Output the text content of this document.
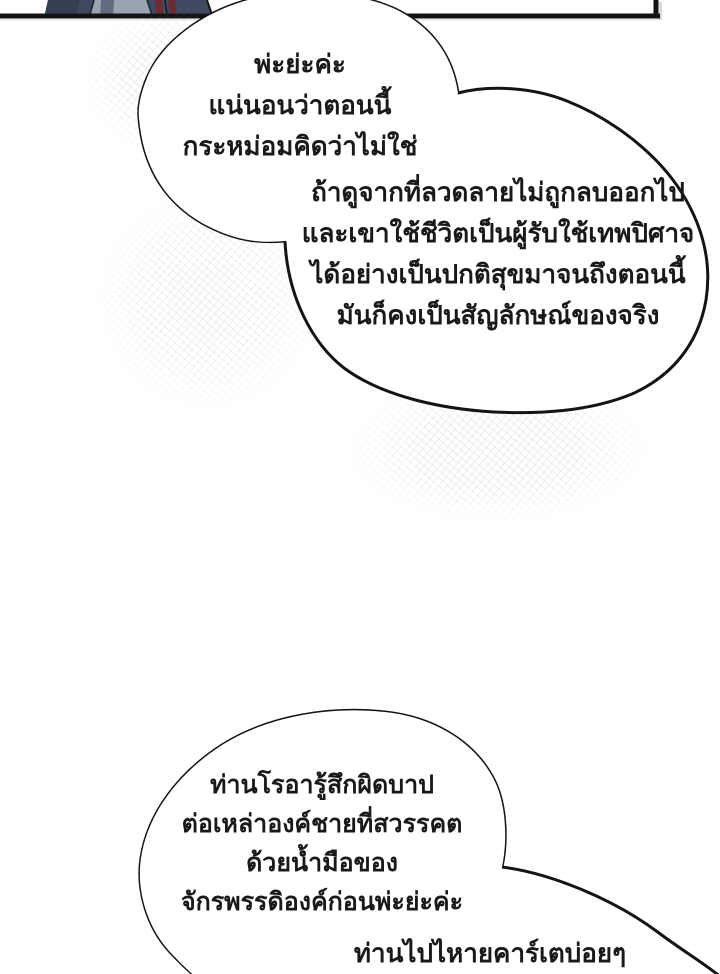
พ่ะย่ะค่ะ
แน่นอนว่าตอนนี้
กระหม่อมคิดว่าไม่ใช่
ถ้าดูจากที่ลวดลายไม่ถูกลบออกไป
และเขาใช้ชีวิตเป็นผู้รับใช้เทพปิศาจ
ได้อย่างเป็นปกติสุขมาจนถึงตอนนี้
มันก็คงเป็นสัญลักษณ์ของจริง
ท่านโรอารู้สึกผิดบาป
ต่อเหล่าองค์ชายที่สวรรคต
ด้วยน้ำมือของ
จักรพรรดิองค์ก่อนพ่ะย่ะค่ะ
ท่านไปไหายคาร์เตบ่อยๆ
